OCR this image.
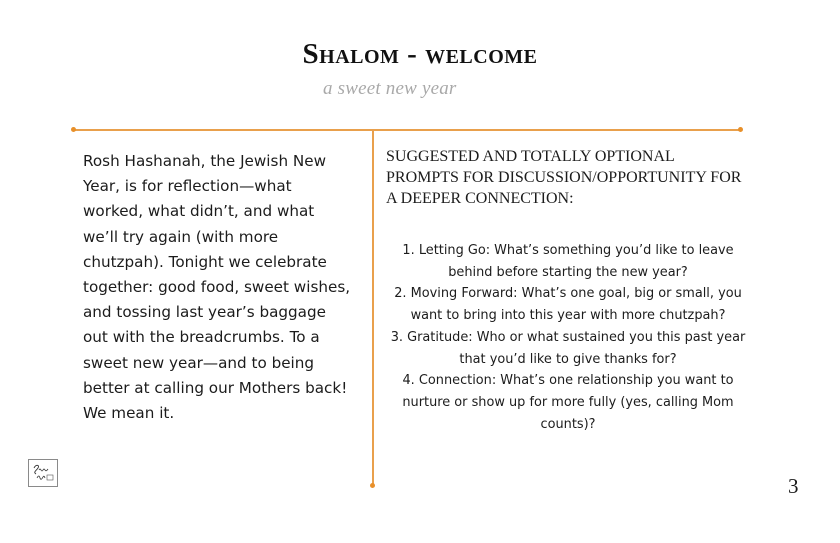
Shalom - welcome
a sweet new year

Rosh Hashanah, the Jewish New Year, is for reflection—what worked, what didn’t, and what we’ll try again (with more chutzpah). Tonight we celebrate together: good food, sweet wishes, and tossing last year’s baggage out with the breadcrumbs. To a sweet new year—and to being better at calling our Mothers back! We mean it.

SUGGESTED AND TOTALLY OPTIONAL PROMPTS FOR DISCUSSION/OPPORTUNITY FOR A DEEPER CONNECTION:

1. Letting Go: What’s something you’d like to leave behind before starting the new year?
2. Moving Forward: What’s one goal, big or small, you want to bring into this year with more chutzpah?
3. Gratitude: Who or what sustained you this past year that you’d like to give thanks for?
4. Connection: What’s one relationship you want to nurture or show up for more fully (yes, calling Mom counts)?
3
